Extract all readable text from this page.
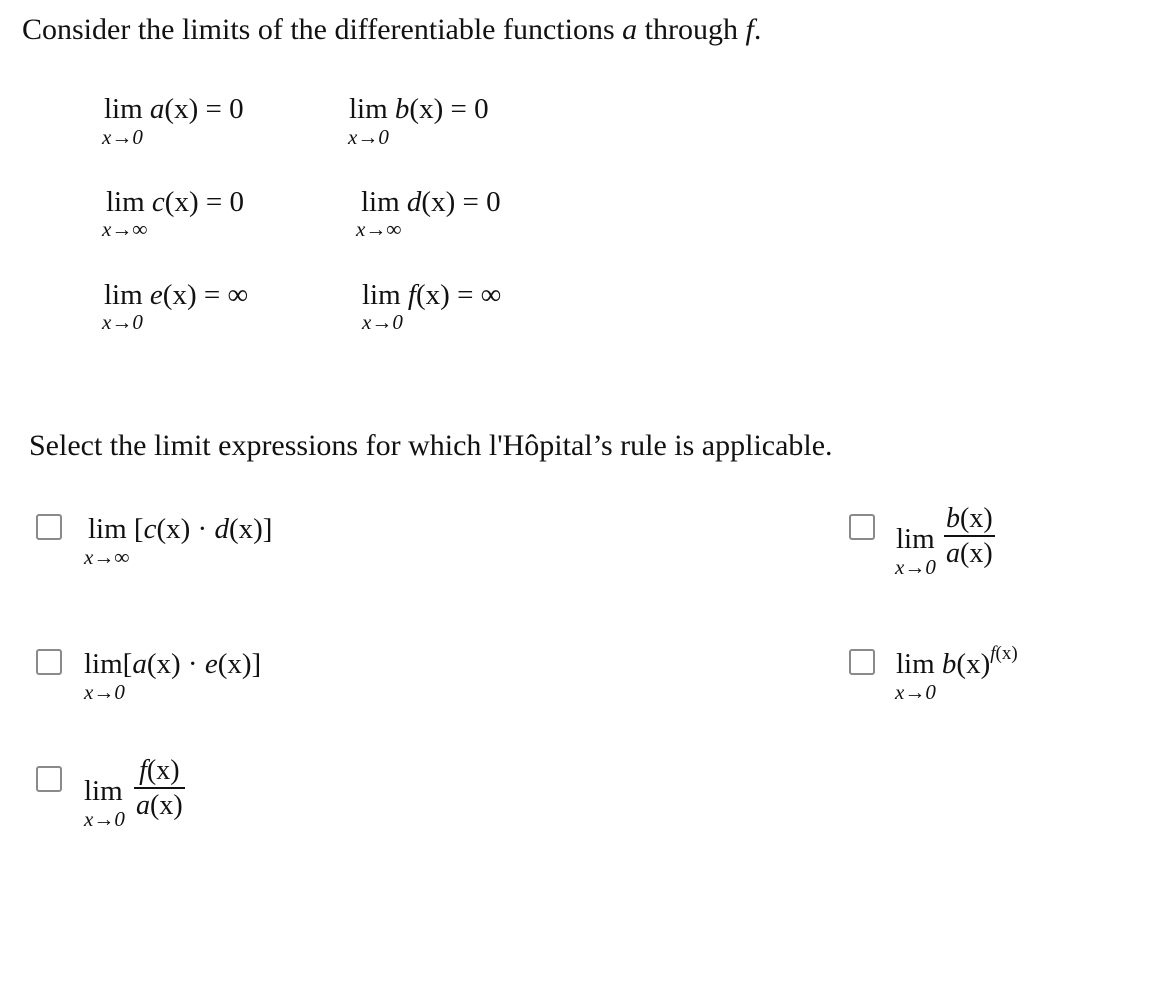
Consider the limits of the differentiable functions a through f.
lim a(x) = 0
x→0
lim b(x) = 0
x→0
lim c(x) = 0
x→∞
lim d(x) = 0
x→∞
lim e(x) = ∞
x→0
lim f(x) = ∞
x→0
Select the limit expressions for which l'Hôpital’s rule is applicable.
lim [c(x) · d(x)]
x→∞
$\lim \frac{b(x)}{a(x)}$
x→0
lim[a(x) · e(x)]
x→0
$\lim b(x)^{f(x)}$
x→0
$\lim \frac{f(x)}{a(x)}$
x→0
